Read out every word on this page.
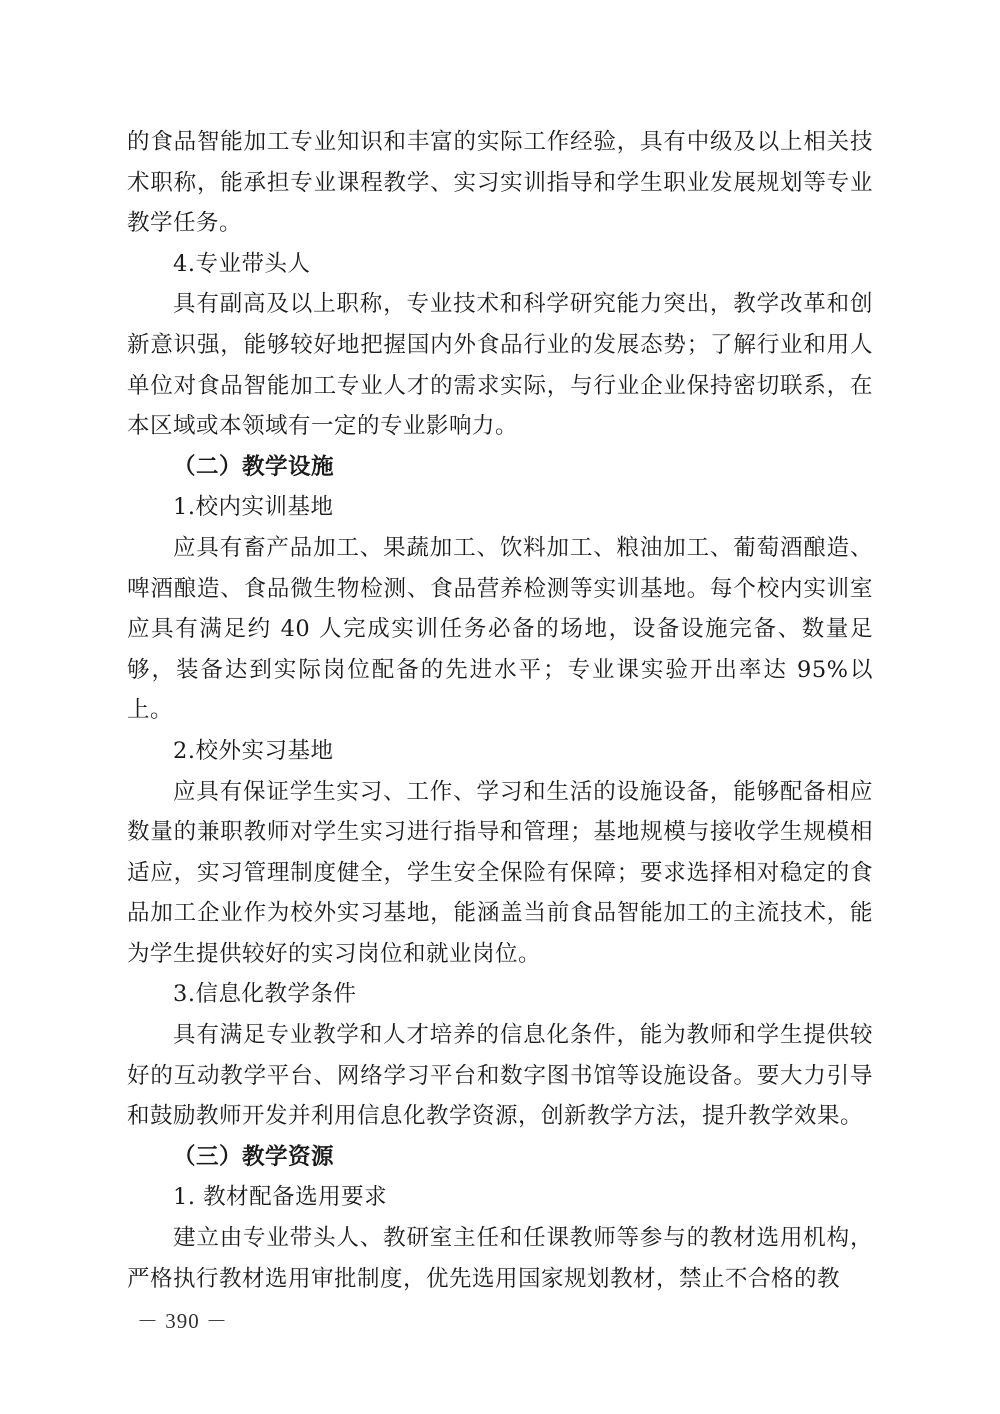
的食品智能加工专业知识和丰富的实际工作经验，具有中级及以上相关技术职称，能承担专业课程教学、实习实训指导和学生职业发展规划等专业教学任务。

4.专业带头人

具有副高及以上职称，专业技术和科学研究能力突出，教学改革和创新意识强，能够较好地把握国内外食品行业的发展态势；了解行业和用人单位对食品智能加工专业人才的需求实际，与行业企业保持密切联系，在本区域或本领域有一定的专业影响力。

（二）教学设施

1.校内实训基地

应具有畜产品加工、果蔬加工、饮料加工、粮油加工、葡萄酒酿造、啤酒酿造、食品微生物检测、食品营养检测等实训基地。每个校内实训室应具有满足约 40 人完成实训任务必备的场地，设备设施完备、数量足够，装备达到实际岗位配备的先进水平；专业课实验开出率达 95%以上。

2.校外实习基地

应具有保证学生实习、工作、学习和生活的设施设备，能够配备相应数量的兼职教师对学生实习进行指导和管理；基地规模与接收学生规模相适应，实习管理制度健全，学生安全保险有保障；要求选择相对稳定的食品加工企业作为校外实习基地，能涵盖当前食品智能加工的主流技术，能为学生提供较好的实习岗位和就业岗位。

3.信息化教学条件

具有满足专业教学和人才培养的信息化条件，能为教师和学生提供较好的互动教学平台、网络学习平台和数字图书馆等设施设备。要大力引导和鼓励教师开发并利用信息化教学资源，创新教学方法，提升教学效果。

（三）教学资源

1. 教材配备选用要求

建立由专业带头人、教研室主任和任课教师等参与的教材选用机构，严格执行教材选用审批制度，优先选用国家规划教材，禁止不合格的教

－ 390 －
